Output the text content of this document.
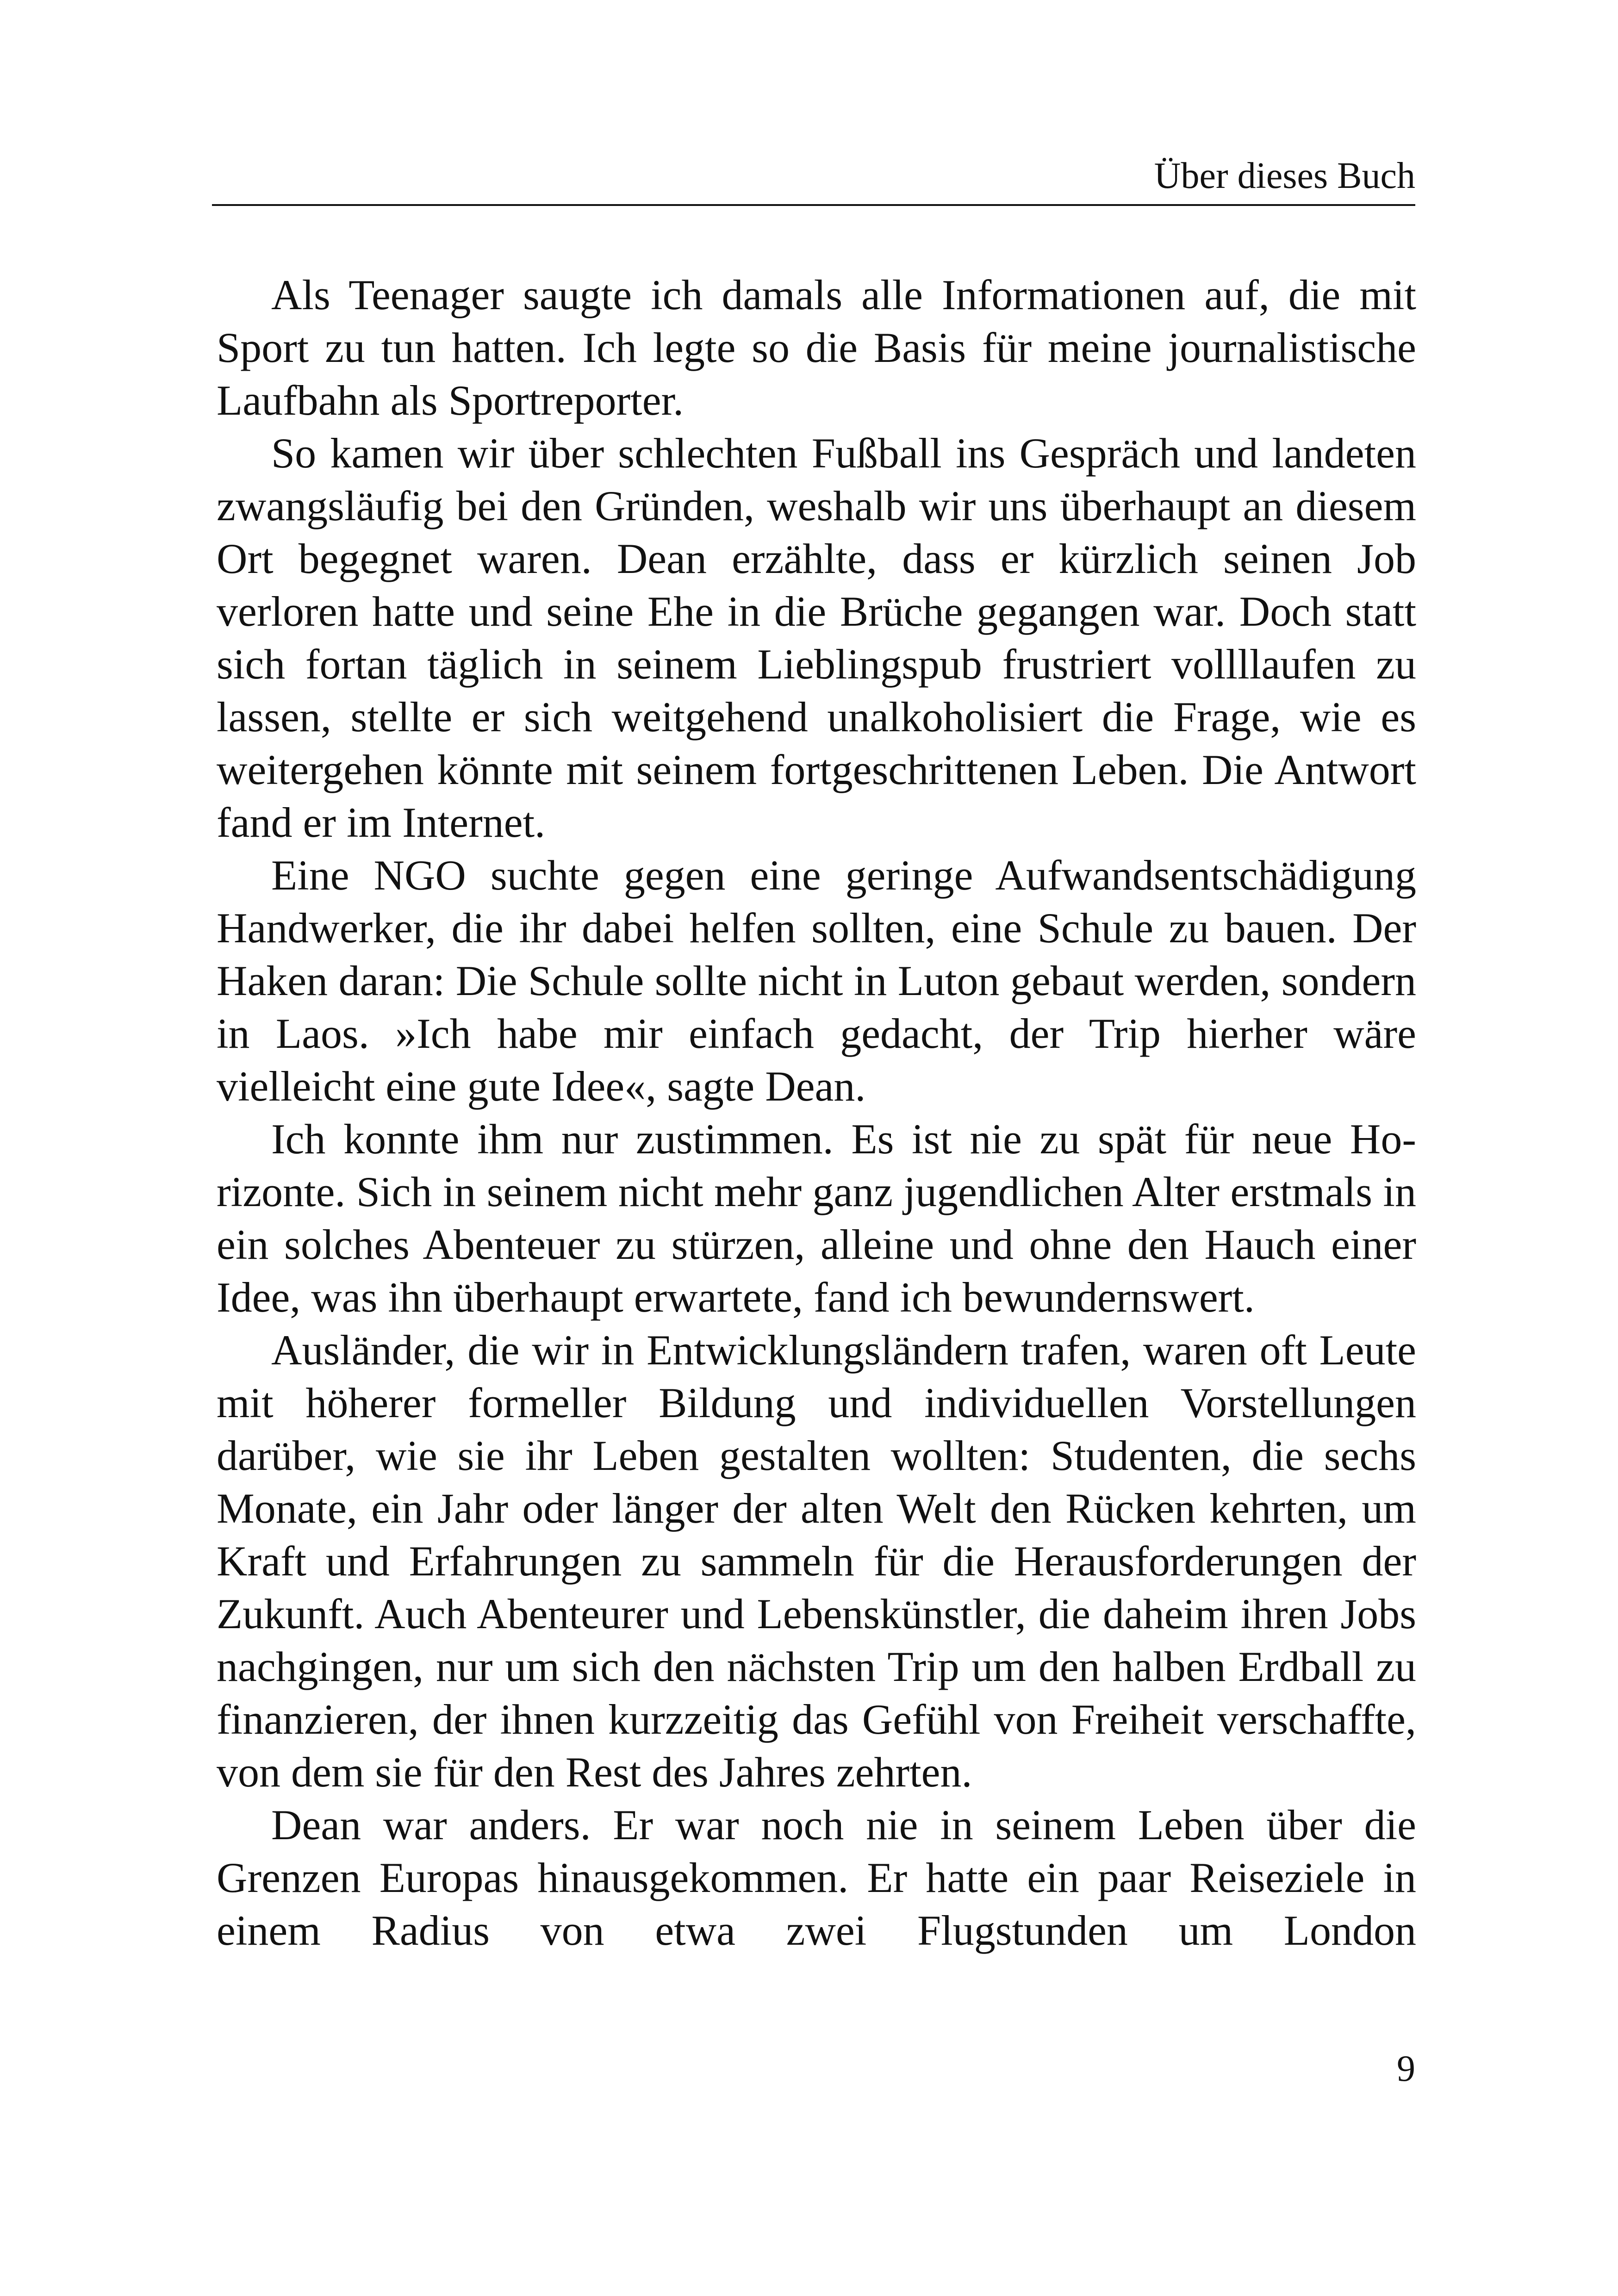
Über dieses Buch

Als Teenager saugte ich damals alle Informationen auf, die mit Sport zu tun hatten. Ich legte so die Basis für meine journalistische Laufbahn als Sportreporter.

So kamen wir über schlechten Fußball ins Gespräch und landeten zwangsläufig bei den Gründen, weshalb wir uns überhaupt an diesem Ort begegnet waren. Dean erzählte, dass er kürzlich seinen Job verloren hatte und seine Ehe in die Brüche gegangen war. Doch statt sich fortan täglich in seinem Lieblingspub frustriert vollllaufen zu lassen, stellte er sich weitgehend unalkoholisiert die Frage, wie es weitergehen könnte mit seinem fortgeschrittenen Leben. Die Antwort fand er im Internet.

Eine NGO suchte gegen eine geringe Aufwandsentschädigung Handwerker, die ihr dabei helfen sollten, eine Schule zu bauen. Der Haken daran: Die Schule sollte nicht in Luton gebaut werden, sondern in Laos. »Ich habe mir einfach gedacht, der Trip hierher wäre vielleicht eine gute Idee«, sagte Dean.

Ich konnte ihm nur zustimmen. Es ist nie zu spät für neue Horizonte. Sich in seinem nicht mehr ganz jugendlichen Alter erstmals in ein solches Abenteuer zu stürzen, alleine und ohne den Hauch einer Idee, was ihn überhaupt erwartete, fand ich bewundernswert.

Ausländer, die wir in Entwicklungsländern trafen, waren oft Leute mit höherer formeller Bildung und individuellen Vorstellungen darüber, wie sie ihr Leben gestalten wollten: Studenten, die sechs Monate, ein Jahr oder länger der alten Welt den Rücken kehrten, um Kraft und Erfahrungen zu sammeln für die Herausforderungen der Zukunft. Auch Abenteurer und Lebenskünstler, die daheim ihren Jobs nachgingen, nur um sich den nächsten Trip um den halben Erdball zu finanzieren, der ihnen kurzzeitig das Gefühl von Freiheit verschaffte, von dem sie für den Rest des Jahres zehrten.

Dean war anders. Er war noch nie in seinem Leben über die Grenzen Europas hinausgekommen. Er hatte ein paar Reiseziele in einem Radius von etwa zwei Flugstunden um London

9
